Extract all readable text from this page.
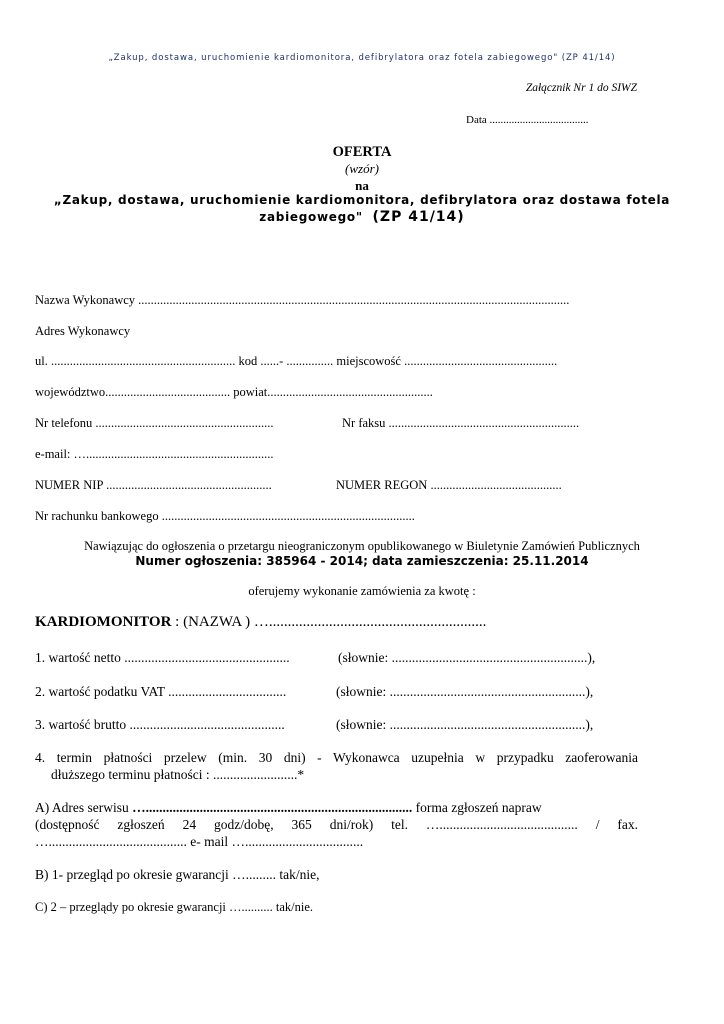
„Zakup, dostawa, uruchomienie kardiomonitora, defibrylatora oraz fotela zabiegowego" (ZP 41/14)
Załącznik Nr 1 do SIWZ
Data ....................................
OFERTA
(wzór)
na
„Zakup, dostawa, uruchomienie kardiomonitora, defibrylatora oraz dostawa fotela
zabiegowego" (ZP 41/14)
Nazwa Wykonawcy ..........................................................................................................................................
Adres Wykonawcy
ul. ........................................................... kod ......- ............... miejscowość .................................................
województwo........................................ powiat.....................................................
Nr telefonu .........................................................	Nr faksu .............................................................
e-mail: …............................................................
NUMER NIP .....................................................	NUMER REGON ..........................................
Nr rachunku bankowego .................................................................................
Nawiązując do ogłoszenia o przetargu nieograniczonym opublikowanego w Biuletynie Zamówień Publicznych
Numer ogłoszenia: 385964 - 2014; data zamieszczenia: 25.11.2014
oferujemy wykonanie zamówienia za kwotę :
KARDIOMONITOR : (NAZWA ) …..........................................................
1. wartość netto .................................................	(słownie: ..........................................................),
2. wartość podatku VAT ...................................	(słownie: ..........................................................),
3. wartość brutto ..............................................	(słownie: ..........................................................),
4. termin płatności przelew (min. 30 dni) - Wykonawca uzupełnia w przypadku zaoferowania
dłuższego terminu płatności : .........................*
A) Adres serwisu …............................................................................... forma zgłoszeń napraw
(dostępność zgłoszeń 24 godz/dobę, 365 dni/rok) tel. …......................................... / fax.
…......................................... e- mail …...................................
B) 1- przegląd po okresie gwarancji …......... tak/nie,
C) 2 – przeglądy po okresie gwarancji ….......... tak/nie.
